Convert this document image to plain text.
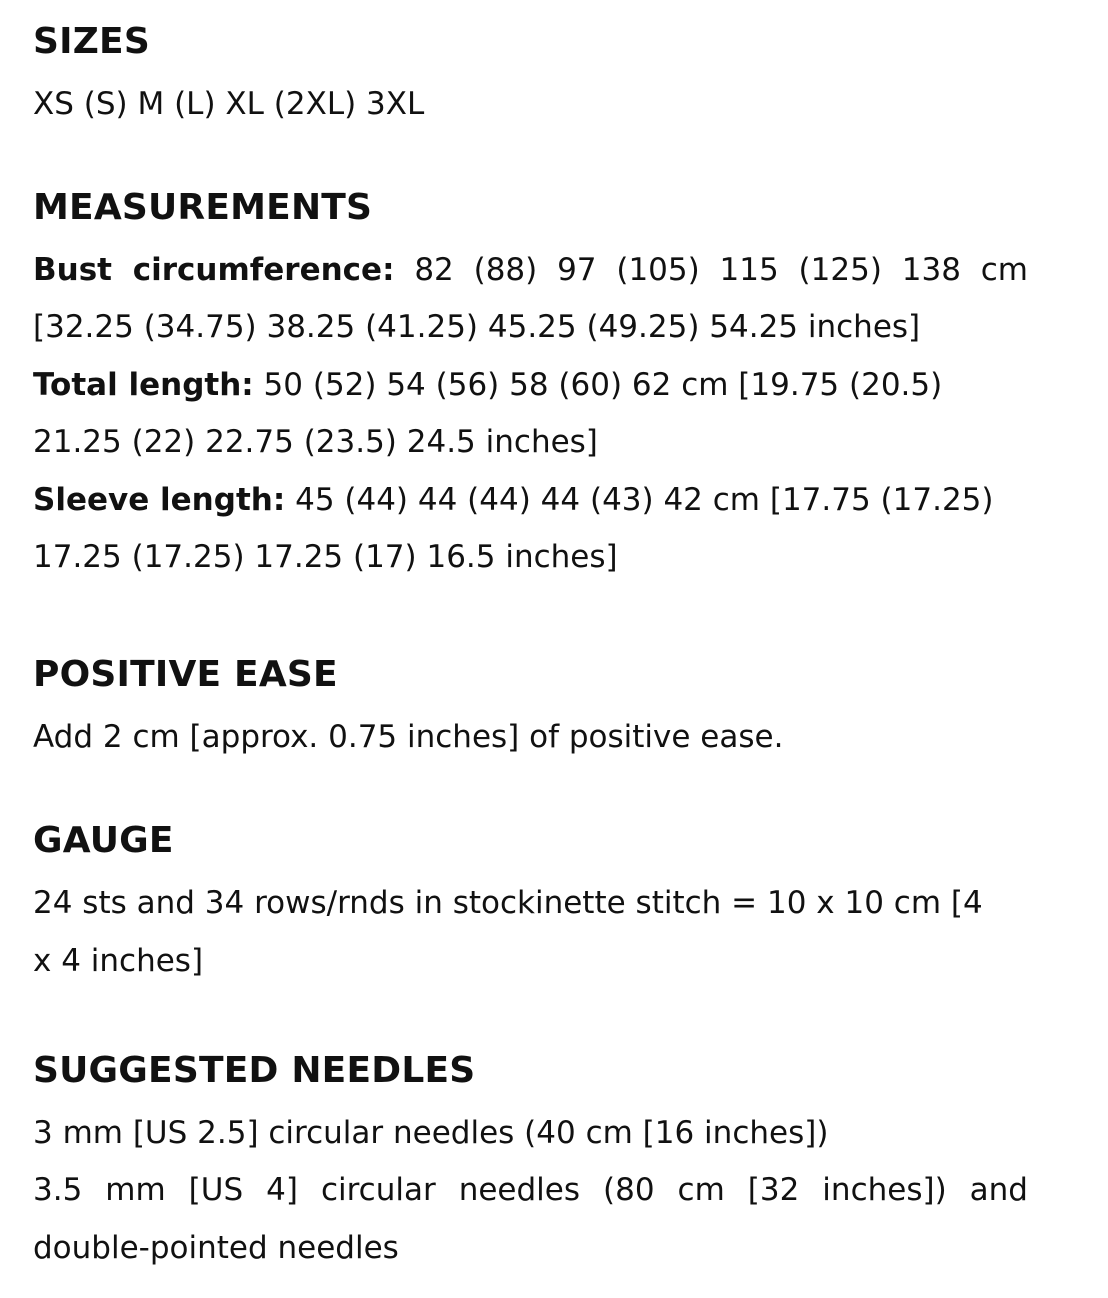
SIZES

XS (S) M (L) XL (2XL) 3XL

MEASUREMENTS

Bust circumference: 82 (88) 97 (105) 115 (125) 138 cm

[32.25 (34.75) 38.25 (41.25) 45.25 (49.25) 54.25 inches]

Total length: 50 (52) 54 (56) 58 (60) 62 cm [19.75 (20.5)

21.25 (22) 22.75 (23.5) 24.5 inches]

Sleeve length: 45 (44) 44 (44) 44 (43) 42 cm [17.75 (17.25)

17.25 (17.25) 17.25 (17) 16.5 inches]

POSITIVE EASE

Add 2 cm [approx. 0.75 inches] of positive ease.

GAUGE

24 sts and 34 rows/rnds in stockinette stitch = 10 x 10 cm [4

x 4 inches]

SUGGESTED NEEDLES

3 mm [US 2.5] circular needles (40 cm [16 inches])

3.5 mm [US 4] circular needles (80 cm [32 inches]) and

double-pointed needles
